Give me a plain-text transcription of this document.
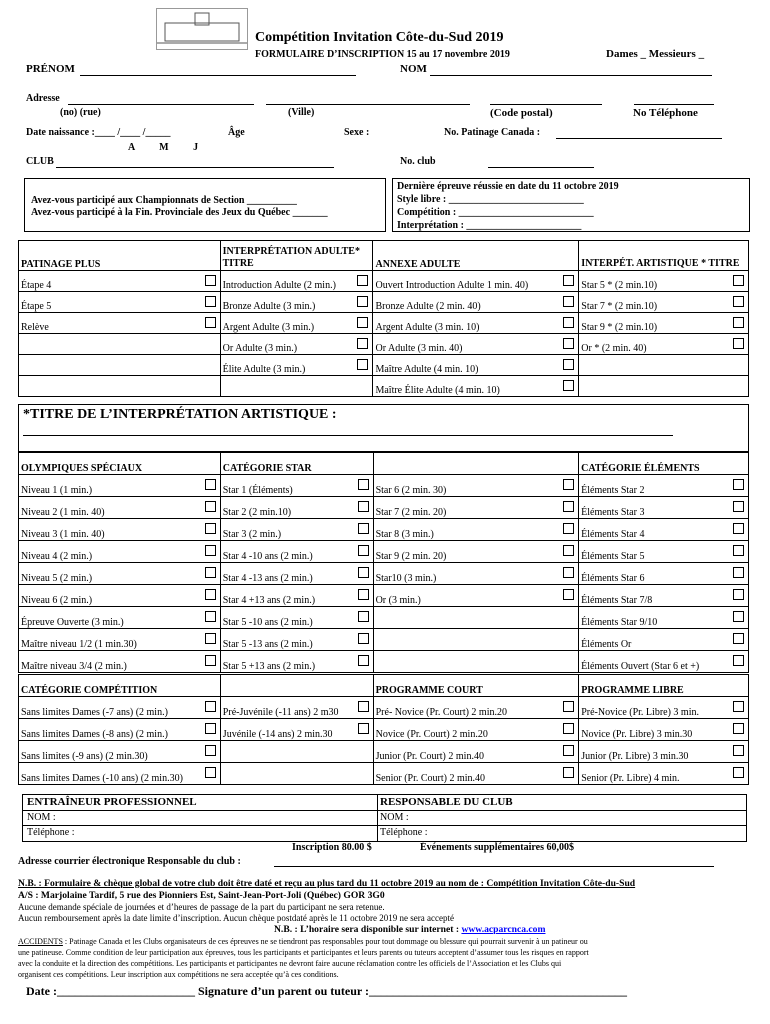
Compétition Invitation Côte-du-Sud 2019
FORMULAIRE D’INSCRIPTION 15 au 17 novembre 2019	Dames _ Messieurs _
PRÉNOM	NOM
Adresse
(no) (rue)	(Ville)	(Code postal)	No Téléphone
Date naissance :____ /____ /_____
A M J
Âge	Sexe :	No. Patinage Canada :
CLUB	No. club
Avez-vous participé aux Championnats de Section __________
Avez-vous participé à la Fin. Provinciale des Jeux du Québec _______
Dernière épreuve réussie en date du 11 octobre 2019
Style libre : ___________________________
Compétition : ___________________________
Interprétation : _______________________
PATINAGE PLUS	INTERPRÉTATION ADULTE* TITRE	ANNEXE ADULTE	INTERPÉT. ARTISTIQUE * TITRE
Étape 4	Introduction Adulte (2 min.)	Ouvert Introduction Adulte 1 min. 40)	Star 5 * (2 min.10)

Étape 5	Bronze Adulte (3 min.)	Bronze Adulte (2 min. 40)	Star 7 * (2 min.10)

Relève	Argent Adulte (3 min.)	Argent Adulte (3 min. 10)	Star 9 * (2 min.10)

	Or Adulte (3 min.)	Or Adulte (3 min. 40)	Or * (2 min. 40)

	Élite Adulte (3 min.)	Maître Adulte (4 min. 10)

		Maître Élite Adulte (4 min. 10)

*TITRE DE L’INTERPRÉTATION ARTISTIQUE :
OLYMPIQUES SPÉCIAUX	CATÉGORIE STAR		CATÉGORIE ÉLÉMENTS
Niveau 1 (1 min.)	Star 1 (Éléments)	Star 6 (2 min. 30)	Éléments Star 2

Niveau 2 (1 min. 40)	Star 2 (2 min.10)	Star 7 (2 min. 20)	Éléments Star 3

Niveau 3 (1 min. 40)	Star 3 (2 min.)	Star 8 (3 min.)	Éléments Star 4

Niveau 4 (2 min.)	Star 4 -10 ans (2 min.)	Star 9 (2 min. 20)	Éléments Star 5

Niveau 5 (2 min.)	Star 4 -13 ans (2 min.)	Star10 (3 min.)	Éléments Star 6

Niveau 6 (2 min.)	Star 4 +13 ans (2 min.)	Or (3 min.)	Éléments Star 7/8

Épreuve Ouverte (3 min.)	Star 5 -10 ans (2 min.)		Éléments Star 9/10

Maître niveau 1/2 (1 min.30)	Star 5 -13 ans (2 min.)		Éléments Or

Maître niveau 3/4 (2 min.)	Star 5 +13 ans (2 min.)		Éléments Ouvert (Star 6 et +)
CATÉGORIE COMPÉTITION		PROGRAMME COURT	PROGRAMME LIBRE
Sans limites Dames (-7 ans) (2 min.)	Pré-Juvénile (-11 ans) 2 m30	Pré- Novice (Pr. Court) 2 min.20	Pré-Novice (Pr. Libre) 3 min.

Sans limites Dames (-8 ans) (2 min.)	Juvénile (-14 ans) 2 min.30	Novice (Pr. Court) 2 min.20	Novice (Pr. Libre) 3 min.30

Sans limites (-9 ans) (2 min.30)		Junior (Pr. Court) 2 min.40	Junior (Pr. Libre) 3 min.30

Sans limites Dames (-10 ans) (2 min.30)		Senior (Pr. Court) 2 min.40	Senior (Pr. Libre) 4 min.
ENTRAÎNEUR PROFESSIONNEL
NOM :
Téléphone :
RESPONSABLE DU CLUB
NOM :
Téléphone :
Inscription 80.00 $	Événements supplémentaires 60,00$
Adresse courrier électronique Responsable du club :
N.B. : Formulaire & chèque global de votre club doit être daté et reçu au plus tard du 11 octobre 2019 au nom de : Compétition Invitation Côte-du-Sud
A/S : Marjolaine Tardif, 5 rue des Pionniers Est, Saint-Jean-Port-Joli (Québec) GOR 3G0
Aucune demande spéciale de journées et d’heures de passage de la part du participant ne sera retenue.
Aucun remboursement après la date limite d’inscription. Aucun chèque postdaté après le 11 octobre 2019 ne sera accepté
N.B. : L’horaire sera disponible sur internet : www.acparcnca.com
ACCIDENTS : Patinage Canada et les Clubs organisateurs de ces épreuves ne se tiendront pas responsables pour tout dommage ou blessure qui pourrait survenir à un patineur ou
une patineuse. Comme condition de leur participation aux épreuves, tous les participants et participantes et leurs parents ou tuteurs acceptent d’assumer tous les risques en rapport
avec la conduite et la direction des compétitions. Les participants et participantes ne devront faire aucune réclamation contre les officiels de l’Association et les Clubs qui
organisent ces compétitions. Leur inscription aux compétitions ne sera acceptée qu’à ces conditions.
Date :_______________________ Signature d’un parent ou tuteur :___________________________________________
